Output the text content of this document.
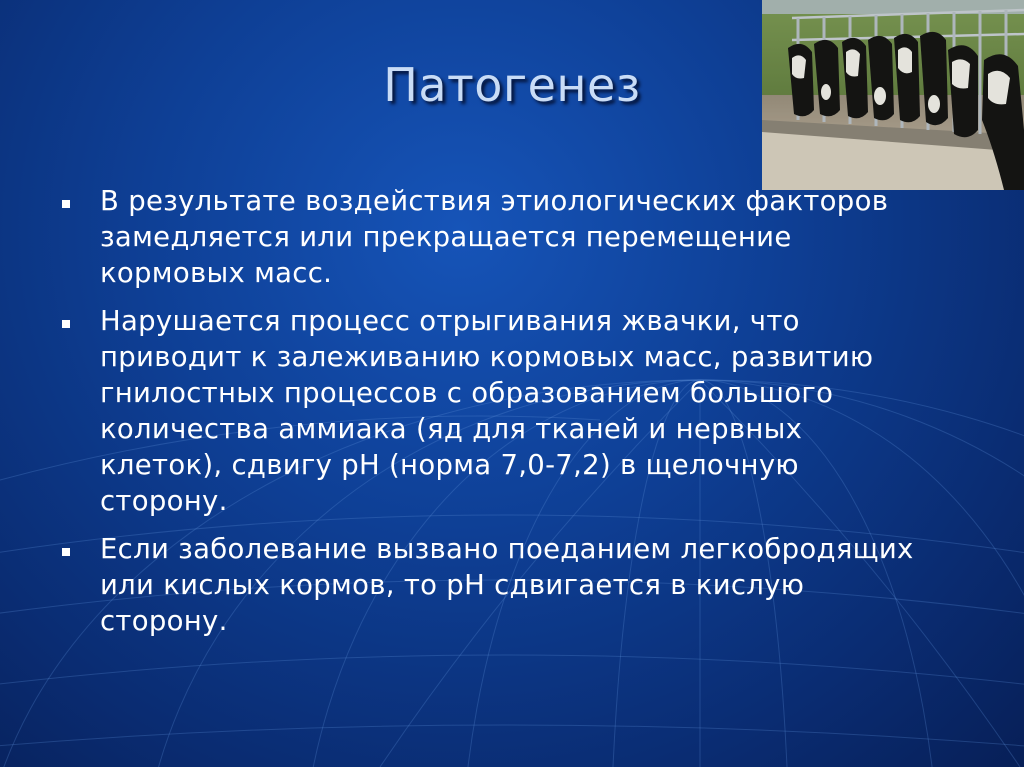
Патогенез
В результате воздействия этиологических факторов замедляется или прекращается перемещение кормовых масс.
Нарушается процесс отрыгивания жвачки, что приводит к залеживанию кормовых масс, развитию гнилостных процессов с образованием большого количества аммиака (яд для тканей и нервных клеток), сдвигу pH (норма 7,0-7,2) в щелочную сторону.
Если заболевание вызвано поеданием легкобродящих или кислых кормов, то pH сдвигается в кислую сторону.
